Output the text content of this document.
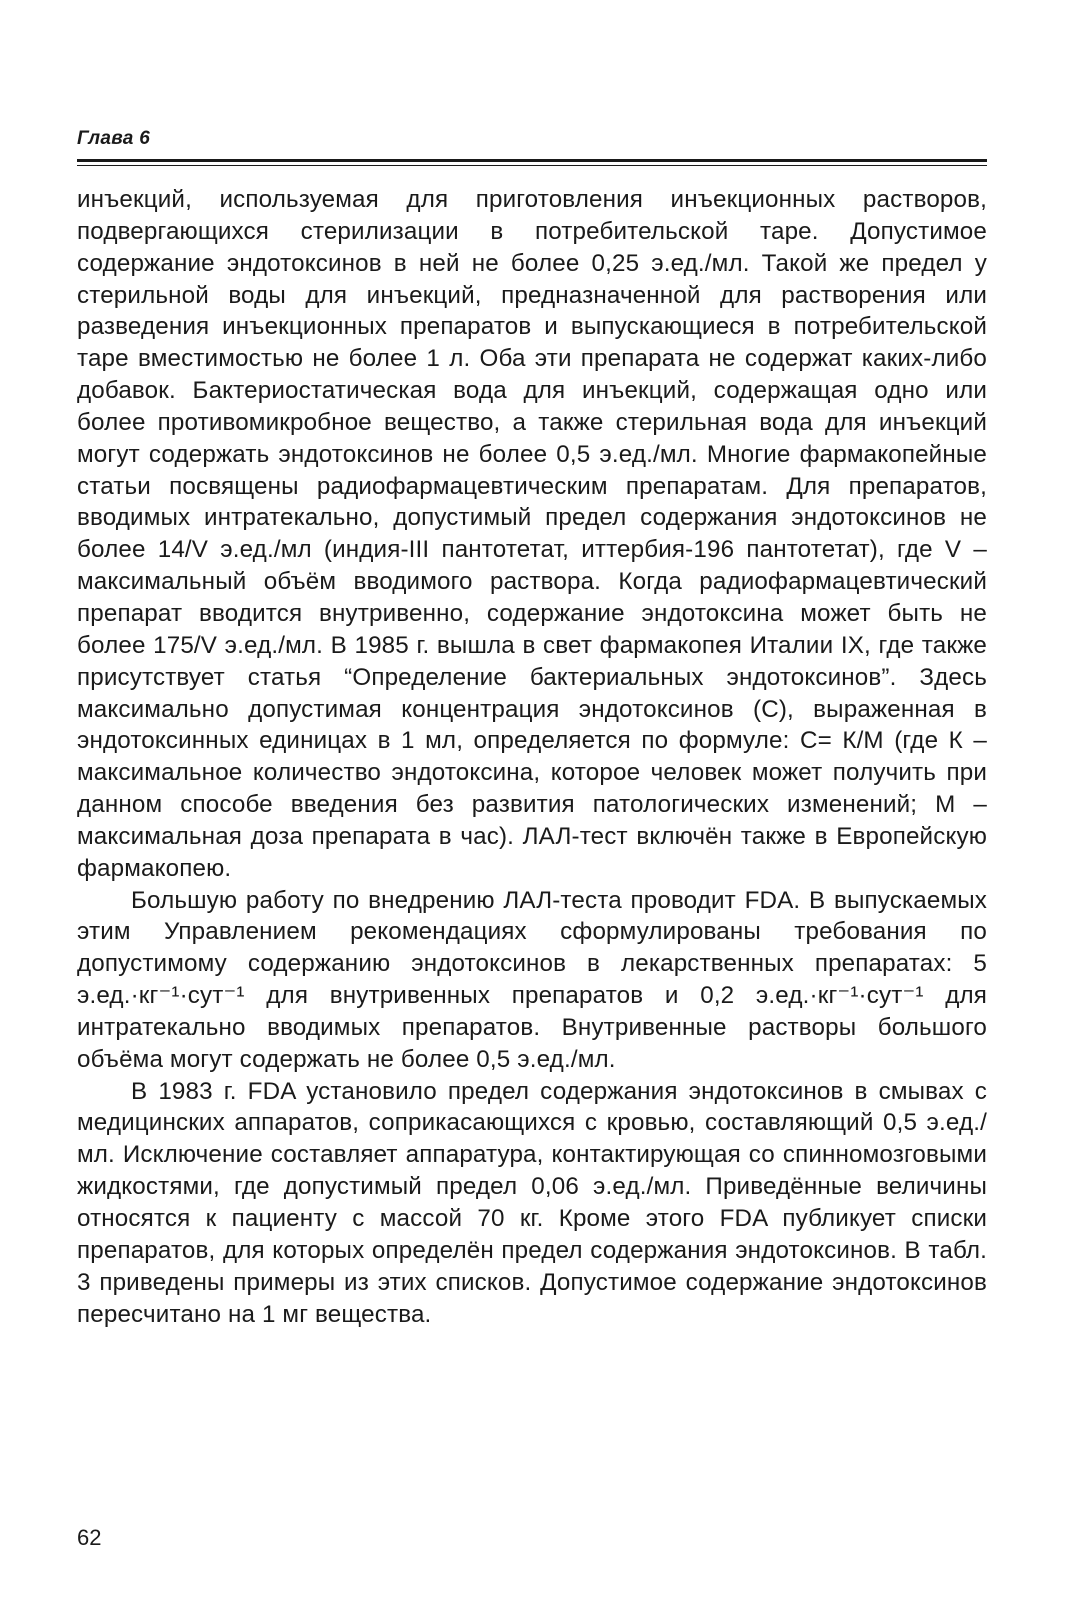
Глава 6

инъекций, используемая для приготовления инъекционных растворов, подвергающихся стерилизации в потребительской таре. Допустимое содержание эндотоксинов в ней не более 0,25 э.ед./мл. Такой же предел у стерильной воды для инъекций, предназначенной для растворения или разведения инъекционных препаратов и выпускающиеся в потребительской таре вместимостью не более 1 л. Оба эти препарата не содержат каких-либо добавок. Бактериостатическая вода для инъекций, содержащая одно или более противомикробное вещество, а также стерильная вода для инъекций могут содержать эндотоксинов не более 0,5 э.ед./мл. Многие фармакопейные статьи посвящены радиофармацевтическим препаратам. Для препаратов, вводимых интратекально, допустимый предел содержания эндотоксинов не более 14/V э.ед./мл (индия-III пантотетат, иттербия-196 пантотетат), где V – максимальный объём вводимого раствора. Когда радиофармацевтический препарат вводится внутривенно, содержание эндотоксина может быть не более 175/V э.ед./мл. В 1985 г. вышла в свет фармакопея Италии IX, где также присутствует статья “Определение бактериальных эндотоксинов”. Здесь максимально допустимая концентрация эндотоксинов (С), выраженная в эндотоксинных единицах в 1 мл, определяется по формуле: С= К/М (где К – максимальное количество эндотоксина, которое человек может получить при данном способе введения без развития патологических изменений; М – максимальная доза препарата в час). ЛАЛ-тест включён также в Европейскую фармакопею.

Большую работу по внедрению ЛАЛ-теста проводит FDA. В выпускаемых этим Управлением рекомендациях сформулированы требования по допустимому содержанию эндотоксинов в лекарственных препаратах: 5 э.ед.·кг⁻¹·сут⁻¹ для внутривенных препаратов и 0,2 э.ед.·кг⁻¹·сут⁻¹ для интратекально вводимых препаратов. Внутривенные растворы большого объёма могут содержать не более 0,5 э.ед./мл.

В 1983 г. FDA установило предел содержания эндотоксинов в смывах с медицинских аппаратов, соприкасающихся с кровью, составляющий 0,5 э.ед./мл. Исключение составляет аппаратура, контактирующая со спинномозговыми жидкостями, где допустимый предел 0,06 э.ед./мл. Приведённые величины относятся к пациенту с массой 70 кг. Кроме этого FDA публикует списки препаратов, для которых определён предел содержания эндотоксинов. В табл. 3 приведены примеры из этих списков. Допустимое содержание эндотоксинов пересчитано на 1 мг вещества.

62
